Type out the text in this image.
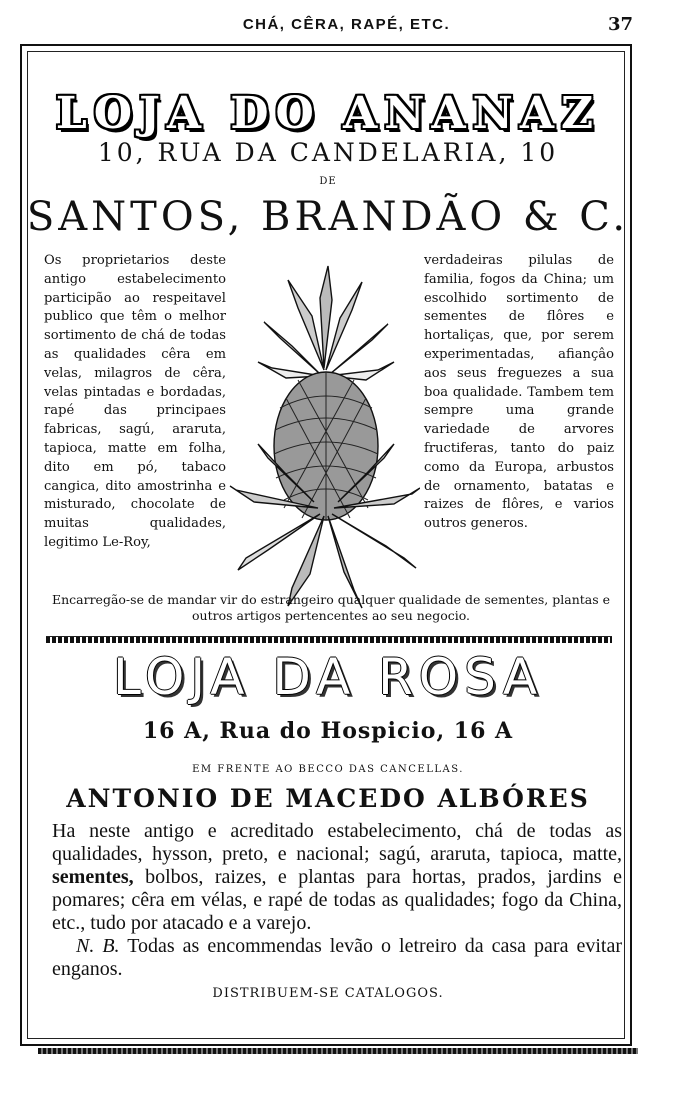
CHÁ, CÊRA, RAPÉ, ETC.	37
LOJA DO ANANAZ
10, RUA DA CANDELARIA, 10
DE
SANTOS, BRANDÃO & C.
Os proprietarios deste antigo estabelecimento participão ao respeitavel publico que têm o melhor sortimento de chá de todas as qualidades cêra em velas, milagros de cêra, velas pintadas e bordadas, rapé das principaes fabricas, sagú, araruta, tapioca, matte em folha, dito em pó, tabaco cangica, dito amostrinha e misturado, chocolate de muitas qualidades, legitimo Le-Roy,
verdadeiras pilulas de familia, fogos da China; um escolhido sortimento de sementes de flôres e hortaliças, que, por serem experimentadas, afiançâo aos seus freguezes a sua boa qualidade. Tambem tem sempre uma grande variedade de arvores fructiferas, tanto do paiz como da Europa, arbustos de ornamento, batatas e raizes de flôres, e varios outros generos.
Encarregão-se de mandar vir do estrangeiro qualquer qualidade de sementes, plantas e outros artigos pertencentes ao seu negocio.
LOJA DA ROSA
16 A, Rua do Hospicio, 16 A
EM FRENTE AO BECCO DAS CANCELLAS.
ANTONIO DE MACEDO ALBÓRES

Ha neste antigo e acreditado estabelecimento, chá de todas as qualidades, hysson, preto, e nacional; sagú, araruta, tapioca, matte, sementes, bolbos, raizes, e plantas para hortas, prados, jardins e pomares; cêra em vélas, e rapé de todas as qualidades; fogo da China, etc., tudo por atacado e a varejo.

N. B. Todas as encommendas levão o letreiro da casa para evitar enganos.

DISTRIBUEM-SE CATALOGOS.
